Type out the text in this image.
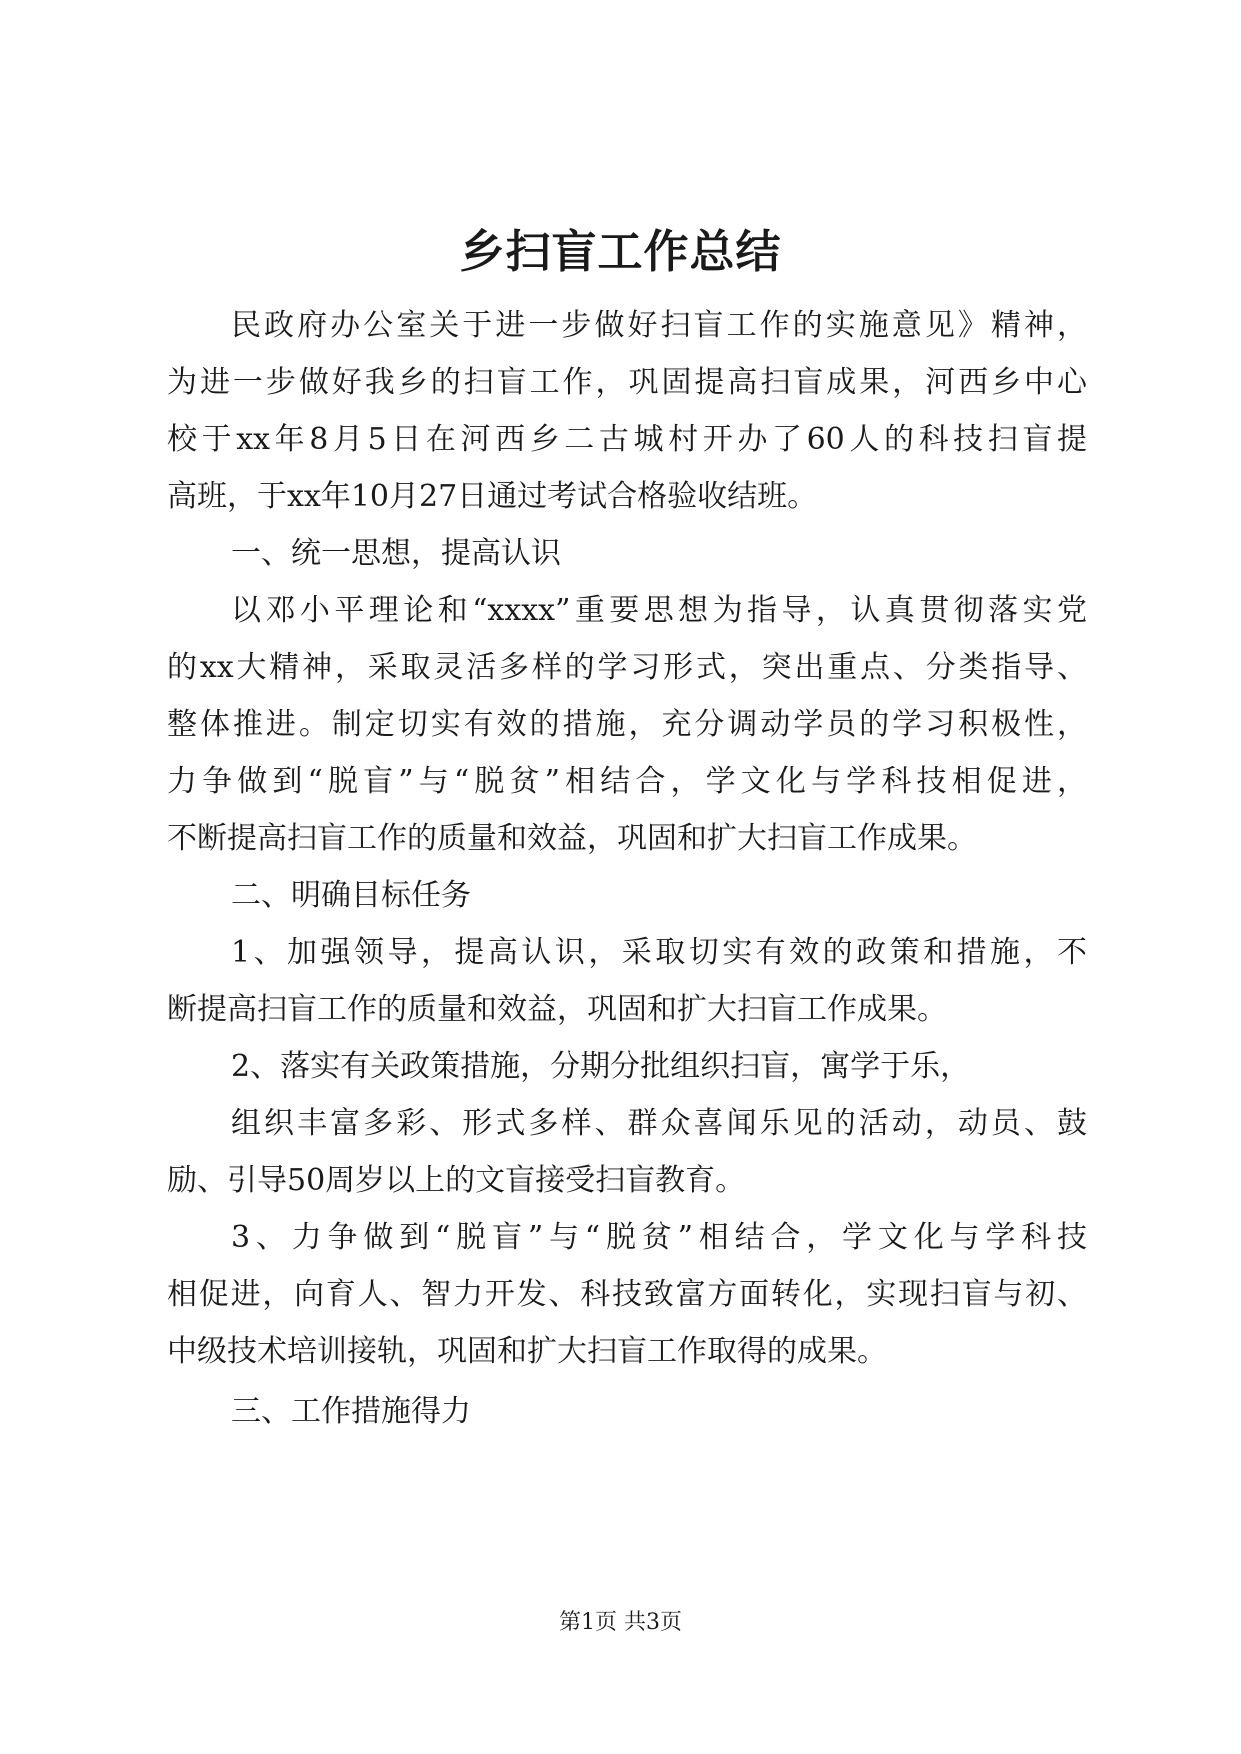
乡扫盲工作总结
民政府办公室关于进一步做好扫盲工作的实施意见》精神，
为进一步做好我乡的扫盲工作，巩固提高扫盲成果，河西乡中心
校于xx年8月5日在河西乡二古城村开办了60人的科技扫盲提
高班，于xx年10月27日通过考试合格验收结班。
一、统一思想，提高认识
以邓小平理论和“xxxx”重要思想为指导，认真贯彻落实党
的xx大精神，采取灵活多样的学习形式，突出重点、分类指导、
整体推进。制定切实有效的措施，充分调动学员的学习积极性，
力争做到“脱盲”与“脱贫”相结合，学文化与学科技相促进，
不断提高扫盲工作的质量和效益，巩固和扩大扫盲工作成果。
二、明确目标任务
1、加强领导，提高认识，采取切实有效的政策和措施，不
断提高扫盲工作的质量和效益，巩固和扩大扫盲工作成果。
2、落实有关政策措施，分期分批组织扫盲，寓学于乐，
组织丰富多彩、形式多样、群众喜闻乐见的活动，动员、鼓
励、引导50周岁以上的文盲接受扫盲教育。
3、力争做到“脱盲”与“脱贫”相结合，学文化与学科技
相促进，向育人、智力开发、科技致富方面转化，实现扫盲与初、
中级技术培训接轨，巩固和扩大扫盲工作取得的成果。
三、工作措施得力
第1页 共3页
